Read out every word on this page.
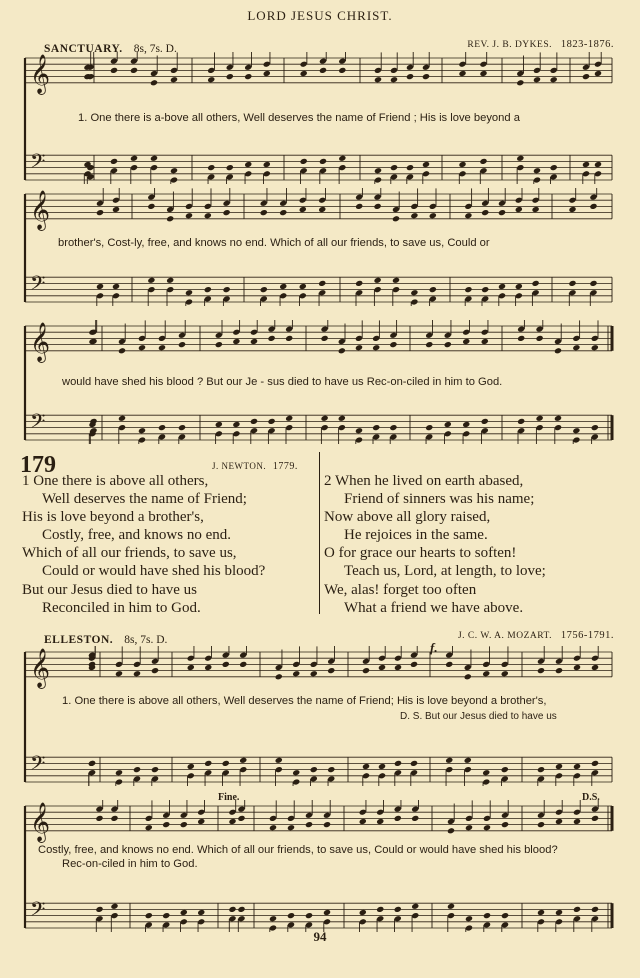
LORD JESUS CHRIST.
SANCTUARY. 8s, 7s. D.	REV. J. B. DYKES. 1823-1876.
𝄞
𝄢
1. One there is a-bove all others, Well deserves the name of Friend ; His is love beyond a
𝄞
𝄢
brother's, Cost-ly, free, and knows no end. Which of all our friends, to save us, Could or
𝄞
𝄢
would have shed his blood ? But our Je - sus died to have us Rec-on-ciled in him to God.
179	J. NEWTON. 1779.
1 One there is above all others,
Well deserves the name of Friend;
His is love beyond a brother's,
Costly, free, and knows no end.
Which of all our friends, to save us,
Could or would have shed his blood?
But our Jesus died to have us
Reconciled in him to God.
2 When he lived on earth abased,
Friend of sinners was his name;
Now above all glory raised,
He rejoices in the same.
O for grace our hearts to soften!
Teach us, Lord, at length, to love;
We, alas! forget too often
What a friend we have above.
ELLESTON. 8s, 7s. D.	J. C. W. A. MOZART. 1756-1791.
f.
𝄞
𝄢
1. One there is above all others, Well deserves the name of Friend; His is love beyond a brother's,
D. S. But our Jesus died to have us
Fine.	D.S.
𝄞
𝄢
Costly, free, and knows no end. Which of all our friends, to save us, Could or would have shed his blood?
Rec-on-ciled in him to God.
94
